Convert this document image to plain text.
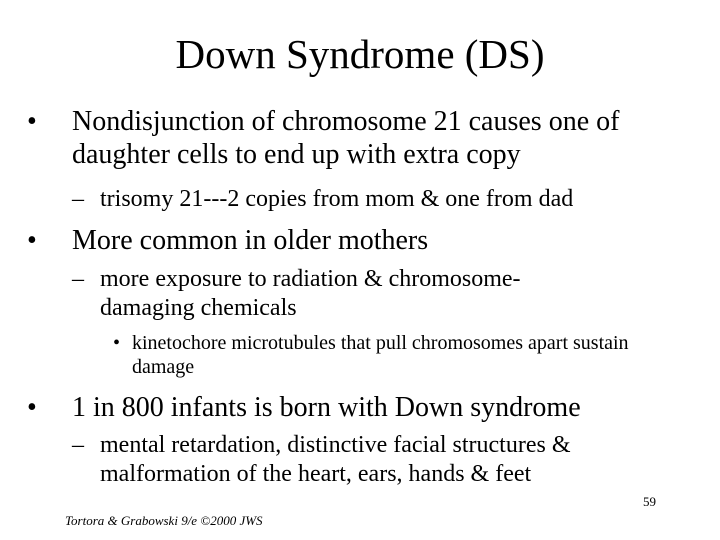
Down Syndrome (DS)
• Nondisjunction of chromosome 21 causes one of daughter cells to end up with extra copy

– trisomy 21---2 copies from mom & one from dad

• More common in older mothers

– more exposure to radiation & chromosome-damaging chemicals

• kinetochore microtubules that pull chromosomes apart sustain damage

• 1 in 800 infants is born with Down syndrome

– mental retardation, distinctive facial structures & malformation of the heart, ears, hands & feet

59
Tortora & Grabowski 9/e ©2000 JWS
